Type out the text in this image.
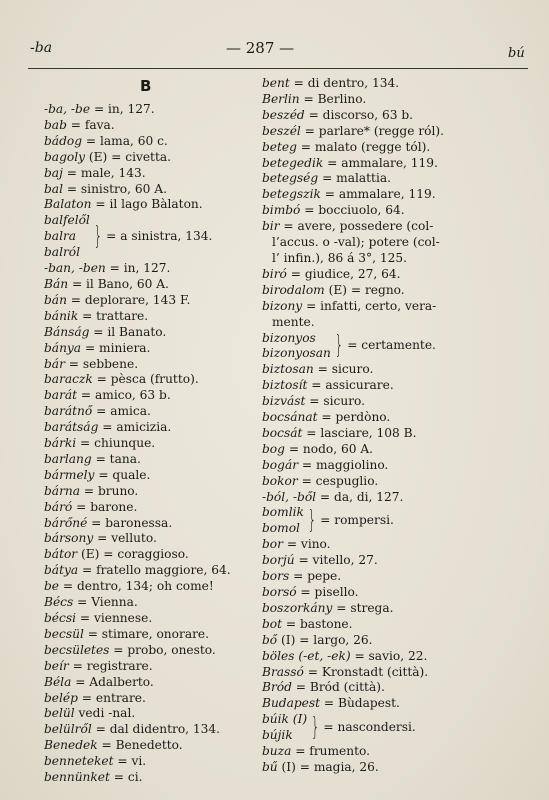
-ba	— 287 —	bú
B
-ba, -be = in, 127.
bab = fava.
bádog = lama, 60 c.
bagoly (E) = civetta.
baj = male, 143.
bal = sinistro, 60 A.
Balaton = il lago Bàlaton.
balfelől
balra
balról
} = a sinistra, 134.
-ban, -ben = in, 127.
Bán = il Bano, 60 A.
bán = deplorare, 143 F.
bánik = trattare.
Bánság = il Banato.
bánya = miniera.
bár = sebbene.
baraczk = pèsca (frutto).
barát = amico, 63 b.
barátnő = amica.
barátság = amicizia.
bárki = chiunque.
barlang = tana.
bármely = quale.
bárna = bruno.
báró = barone.
bárőné = baronessa.
bársony = velluto.
bátor (E) = coraggioso.
bátya = fratello maggiore, 64.
be = dentro, 134; oh come!
Bécs = Vienna.
bécsi = viennese.
becsül = stimare, onorare.
becsületes = probo, onesto.
beír = registrare.
Béla = Adalberto.
belép = entrare.
belül vedi -nal.
belülről = dal didentro, 134.
Benedek = Benedetto.
benneteket = vi.
bennünket = ci.
bent = di dentro, 134.
Berlin = Berlino.
beszéd = discorso, 63 b.
beszél = parlare* (regge ról).
beteg = malato (regge tól).
betegedik = ammalare, 119.
betegség = malattia.
betegszik = ammalare, 119.
bimbó = bocciuolo, 64.
bir = avere, possedere (col-
l’accus. o -val); potere (col-
l’ infin.), 86 á 3°, 125.
biró = giudice, 27, 64.
birodalom (E) = regno.
bizony = infatti, certo, vera-
mente.
bizonyos
bizonyosan } = certamente.
biztosan = sicuro.
biztosít = assicurare.
bizvást = sicuro.
bocsánat = perdòno.
bocsát = lasciare, 108 B.
bog = nodo, 60 A.
bogár = maggiolino.
bokor = cespuglio.
-ból, -ből = da, di, 127.
bomlik
bomol } = rompersi.
bor = vino.
borjú = vitello, 27.
bors = pepe.
borsó = pisello.
boszorkány = strega.
bot = bastone.
bő (I) = largo, 26.
böles (-et, -ek) = savio, 22.
Brassó = Kronstadt (città).
Bród = Bród (città).
Budapest = Bùdapest.
búik (I)
bújik	} = nascondersi.
buza = frumento.
bű (I) = magia, 26.
